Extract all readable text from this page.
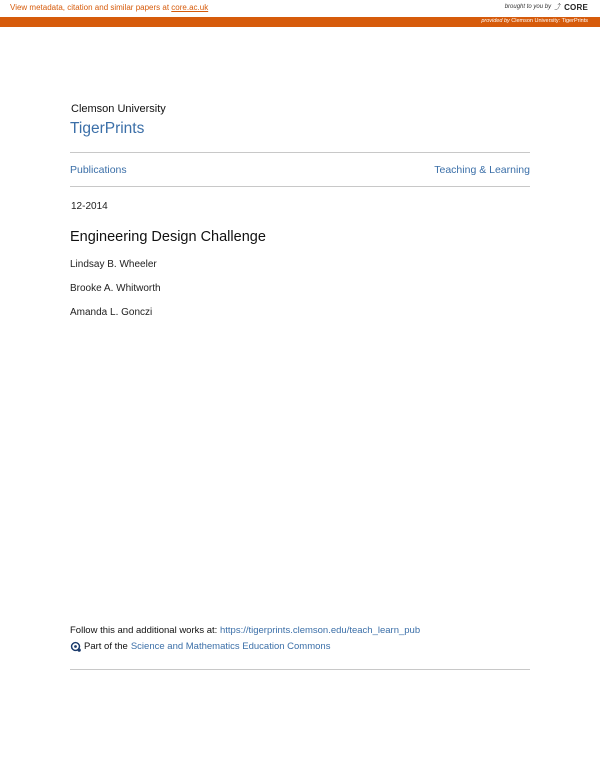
View metadata, citation and similar papers at core.ac.uk	brought to you by ⤴ CORE
provided by Clemson University: TigerPrints
Clemson University
TigerPrints
Publications	Teaching & Learning
12-2014
Engineering Design Challenge
Lindsay B. Wheeler
Brooke A. Whitworth
Amanda L. Gonczi
Follow this and additional works at: https://tigerprints.clemson.edu/teach_learn_pub
Part of the Science and Mathematics Education Commons
